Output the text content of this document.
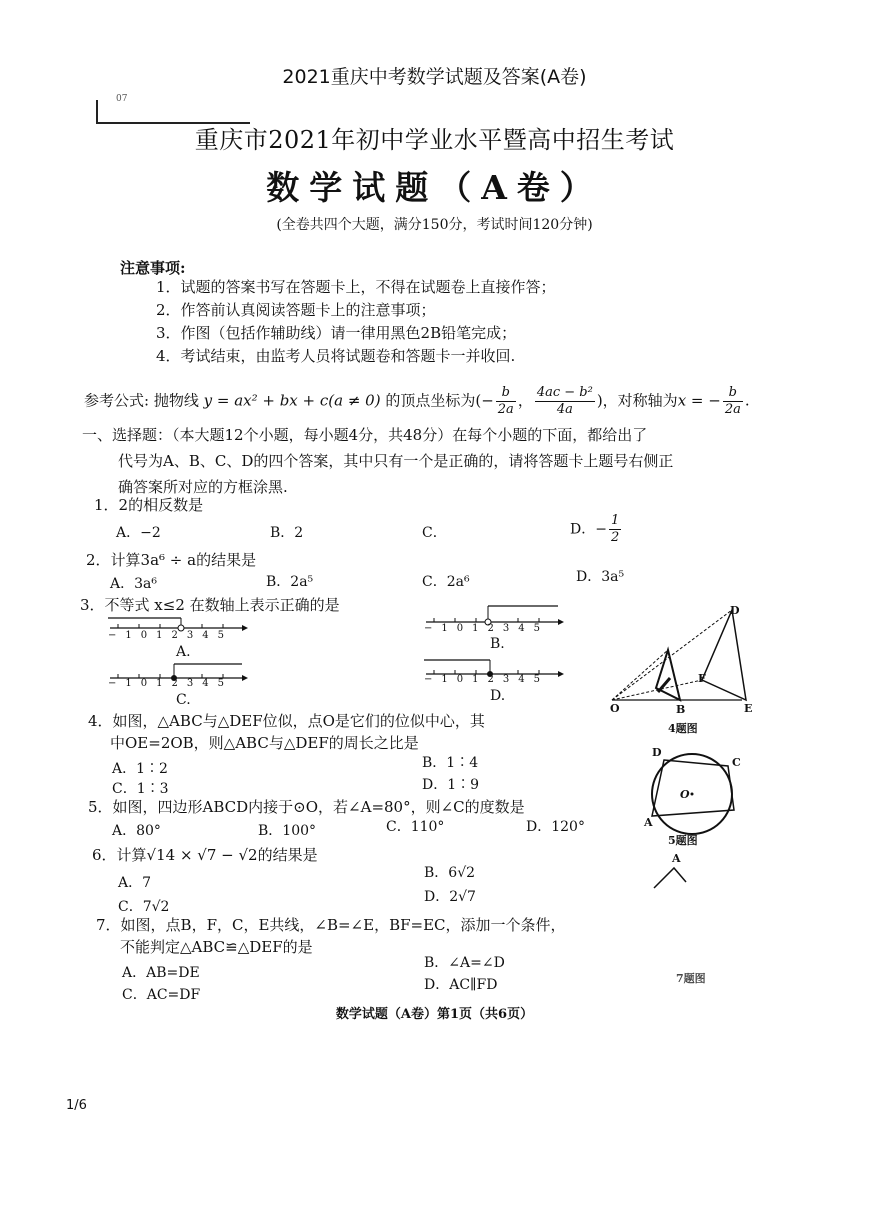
2021重庆中考数学试题及答案(A卷)
07
重庆市2021年初中学业水平暨高中招生考试
数学试题（A卷）
(全卷共四个大题，满分150分，考试时间120分钟)
注意事项:
1．试题的答案书写在答题卡上，不得在试题卷上直接作答；
2．作答前认真阅读答题卡上的注意事项；
3．作图（包括作辅助线）请一律用黑色2B铅笔完成；
4．考试结束，由监考人员将试题卷和答题卡一并收回.
参考公式: 抛物线 y = ax² + bx + c(a ≠ 0) 的顶点坐标为(− $\frac{b}{2a}$ ， $\frac{\text{4ac − b²}}{4a}$ )，对称轴为x = − $\frac{b}{2a}$ .
一、选择题：（本大题12个小题，每小题4分，共48分）在每个小题的下面，都给出了
代号为A、B、C、D的四个答案，其中只有一个是正确的，请将答题卡上题号右侧正
确答案所对应的方框涂黑.
1．2的相反数是
A．−2	B．2	C．	D．− $\frac{1}{2}$
2．计算3a⁶ ÷ a的结果是
A．3a⁶	B．2a⁵	C．2a⁶	D．3a⁵
3．不等式 x≤2 在数轴上表示正确的是
−1012345
A.
−1012345
B.
−1012345
C.
−1012345
D.
O	B	E
D
F
4题图
4．如图，△ABC与△DEF位似，点O是它们的位似中心，其
中OE=2OB，则△ABC与△DEF的周长之比是
A．1∶2	B．1∶4
C．1∶3	D．1∶9
D
C
A
O
5题图
5．如图，四边形ABCD内接于⊙O，若∠A=80°，则∠C的度数是
A．80°	B．100°	C．110°	D．120°
6．计算√14 × √7 − √2的结果是
A．7
B．6√2
C．7√2
D．2√7
A
7题图
7．如图，点B，F，C，E共线，∠B=∠E，BF=EC，添加一个条件，
不能判定△ABC≌△DEF的是
A．AB=DE
B．∠A=∠D
C．AC=DF
D．AC∥FD
数学试题（A卷）第1页（共6页）
1/6
